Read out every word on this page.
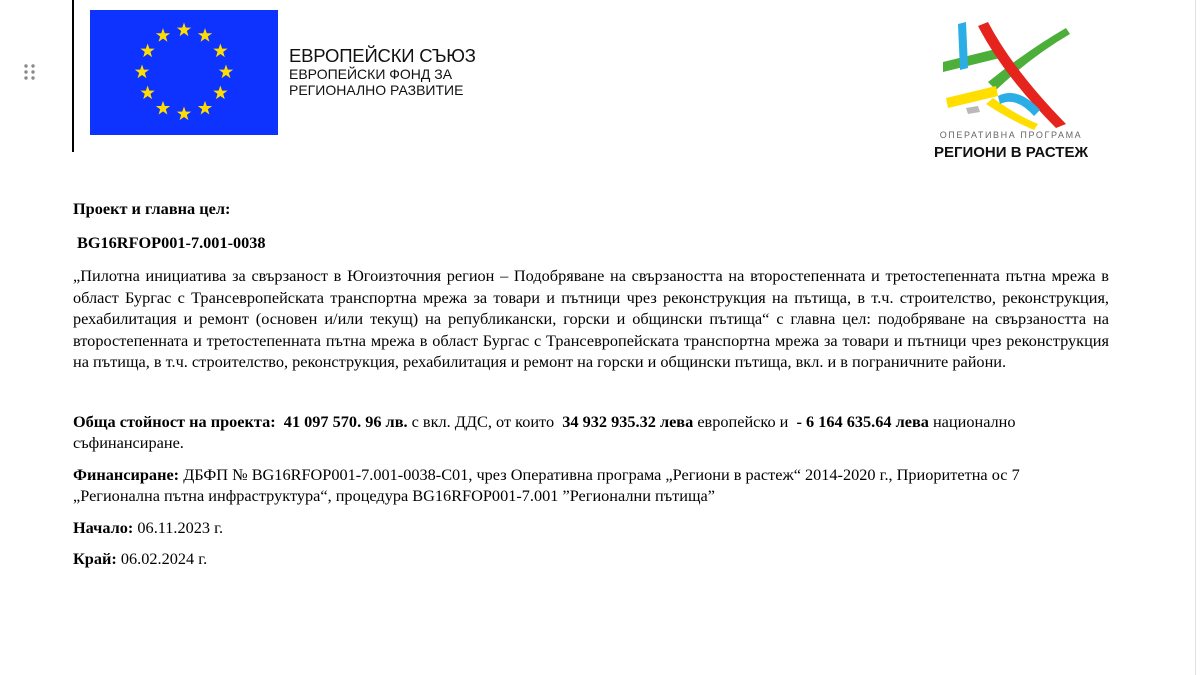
ЕВРОПЕЙСКИ СЪЮЗ
ЕВРОПЕЙСКИ ФОНД ЗА
РЕГИОНАЛНО РАЗВИТИЕ
ОПЕРАТИВНА ПРОГРАМА
РЕГИОНИ В РАСТЕЖ

Проект и главна цел:

BG16RFOP001-7.001-0038

„Пилотна инициатива за свързаност в Югоизточния регион – Подобряване на свързаността на второстепенната и третостепенната пътна мрежа в област Бургас с Трансевропейската транспортна мрежа за товари и пътници чрез реконструкция на пътища, в т.ч. строителство, реконструкция, рехабилитация и ремонт (основен и/или текущ) на републикански, горски и общински пътища“ с главна цел: подобряване на свързаността на второстепенната и третостепенната пътна мрежа в област Бургас с Трансевропейската транспортна мрежа за товари и пътници чрез реконструкция на пътища, в т.ч. строителство, реконструкция, рехабилитация и ремонт на горски и общински пътища, вкл. и в пограничните райони.

Обща стойност на проекта: 41 097 570. 96 лв. с вкл. ДДС, от които 34 932 935.32 лева европейско и - 6 164 635.64 лева национално съфинансиране.

Финансиране: ДБФП № BG16RFOP001-7.001-0038-C01, чрез Оперативна програма „Региони в растеж“ 2014-2020 г., Приоритетна ос 7 „Регионална пътна инфраструктура“, процедура BG16RFOP001-7.001 ”Регионални пътища”

Начало: 06.11.2023 г.

Край: 06.02.2024 г.
